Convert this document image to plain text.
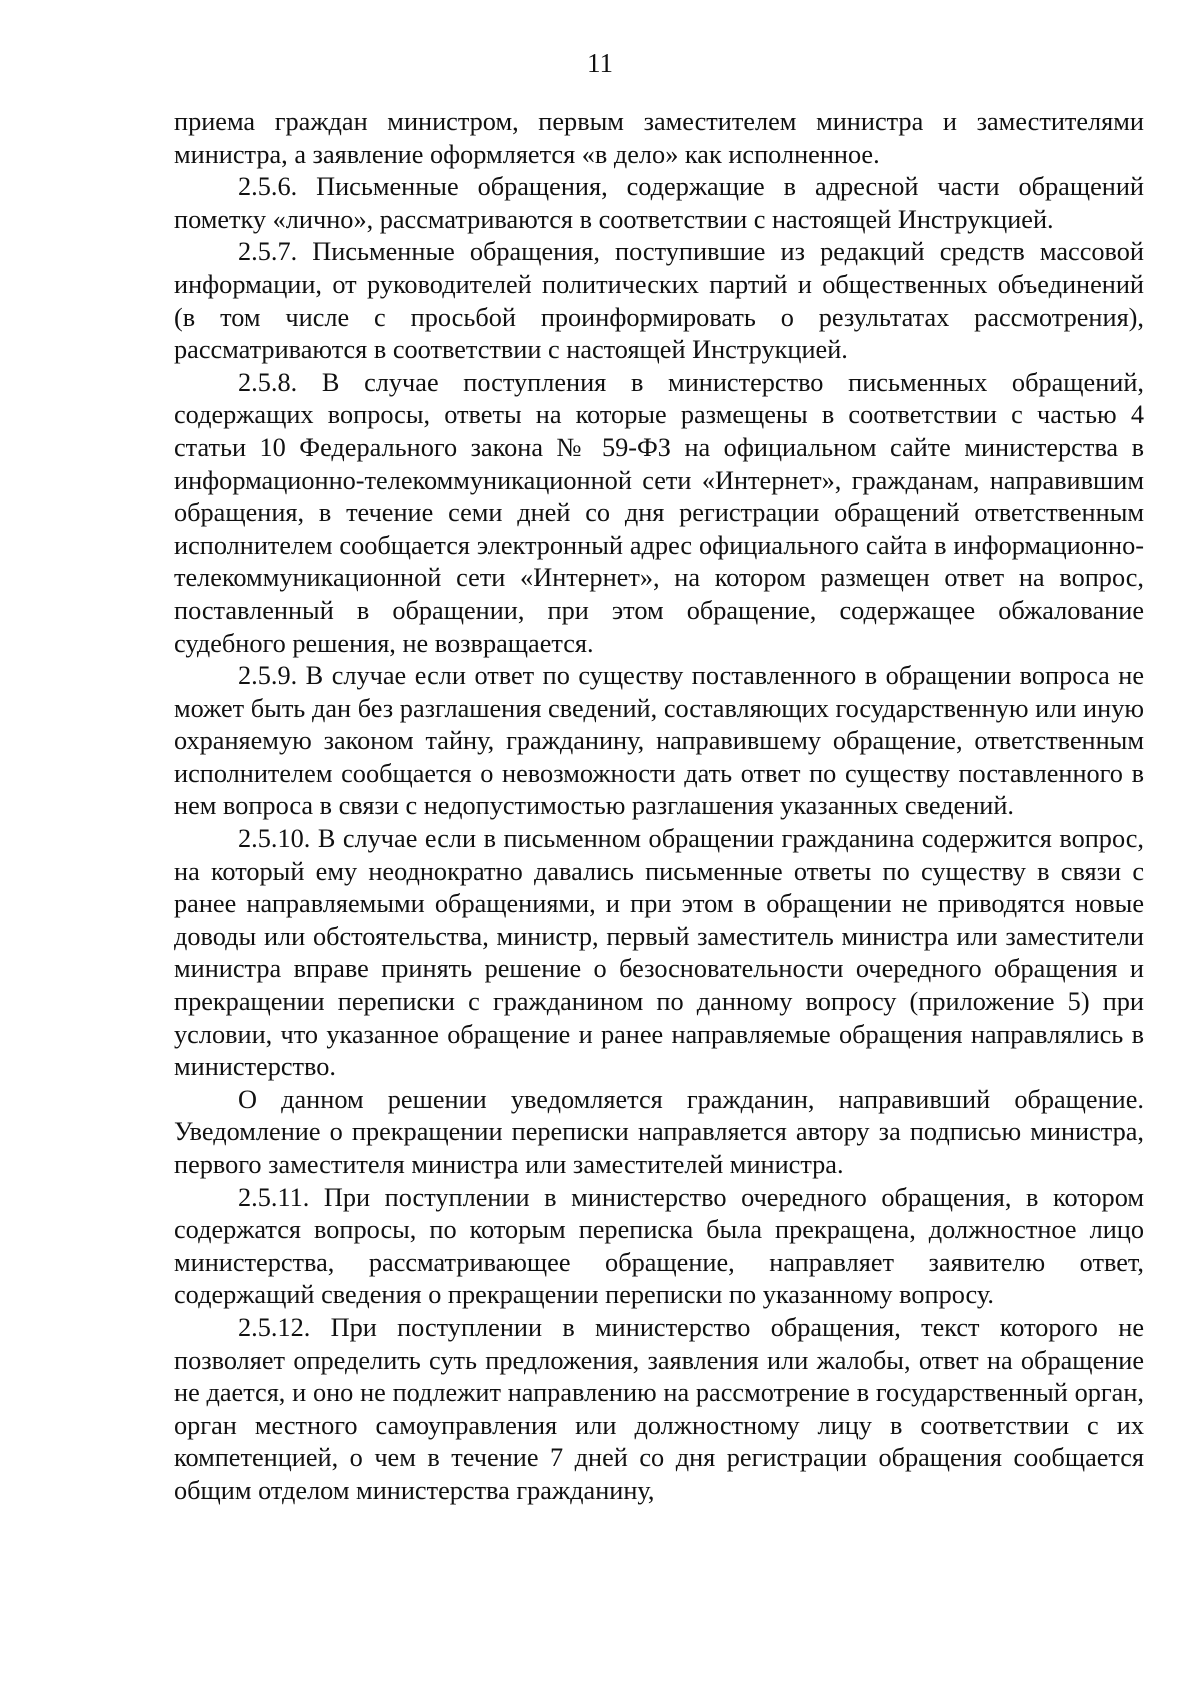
11

приема граждан министром, первым заместителем министра и заместителями министра, а заявление оформляется «в дело» как исполненное.

2.5.6. Письменные обращения, содержащие в адресной части обращений пометку «лично», рассматриваются в соответствии с настоящей Инструкцией.

2.5.7. Письменные обращения, поступившие из редакций средств массовой информации, от руководителей политических партий и общественных объединений (в том числе с просьбой проинформировать о результатах рассмотрения), рассматриваются в соответствии с настоящей Инструкцией.

2.5.8. В случае поступления в министерство письменных обращений, содержащих вопросы, ответы на которые размещены в соответствии с частью 4 статьи 10 Федерального закона № 59-ФЗ на официальном сайте министерства в информационно-телекоммуникационной сети «Интернет», гражданам, направившим обращения, в течение семи дней со дня регистрации обращений ответственным исполнителем сообщается электронный адрес официального сайта в информационно-телекоммуникационной сети «Интернет», на котором размещен ответ на вопрос, поставленный в обращении, при этом обращение, содержащее обжалование судебного решения, не возвращается.

2.5.9. В случае если ответ по существу поставленного в обращении вопроса не может быть дан без разглашения сведений, составляющих государственную или иную охраняемую законом тайну, гражданину, направившему обращение, ответственным исполнителем сообщается о невозможности дать ответ по существу поставленного в нем вопроса в связи с недопустимостью разглашения указанных сведений.

2.5.10. В случае если в письменном обращении гражданина содержится вопрос, на который ему неоднократно давались письменные ответы по существу в связи с ранее направляемыми обращениями, и при этом в обращении не приводятся новые доводы или обстоятельства, министр, первый заместитель министра или заместители министра вправе принять решение о безосновательности очередного обращения и прекращении переписки с гражданином по данному вопросу (приложение 5) при условии, что указанное обращение и ранее направляемые обращения направлялись в министерство.

О данном решении уведомляется гражданин, направивший обращение. Уведомление о прекращении переписки направляется автору за подписью министра, первого заместителя министра или заместителей министра.

2.5.11. При поступлении в министерство очередного обращения, в котором содержатся вопросы, по которым переписка была прекращена, должностное лицо министерства, рассматривающее обращение, направляет заявителю ответ, содержащий сведения о прекращении переписки по указанному вопросу.

2.5.12. При поступлении в министерство обращения, текст которого не позволяет определить суть предложения, заявления или жалобы, ответ на обращение не дается, и оно не подлежит направлению на рассмотрение в государственный орган, орган местного самоуправления или должностному лицу в соответствии с их компетенцией, о чем в течение 7 дней со дня регистрации обращения сообщается общим отделом министерства гражданину,
